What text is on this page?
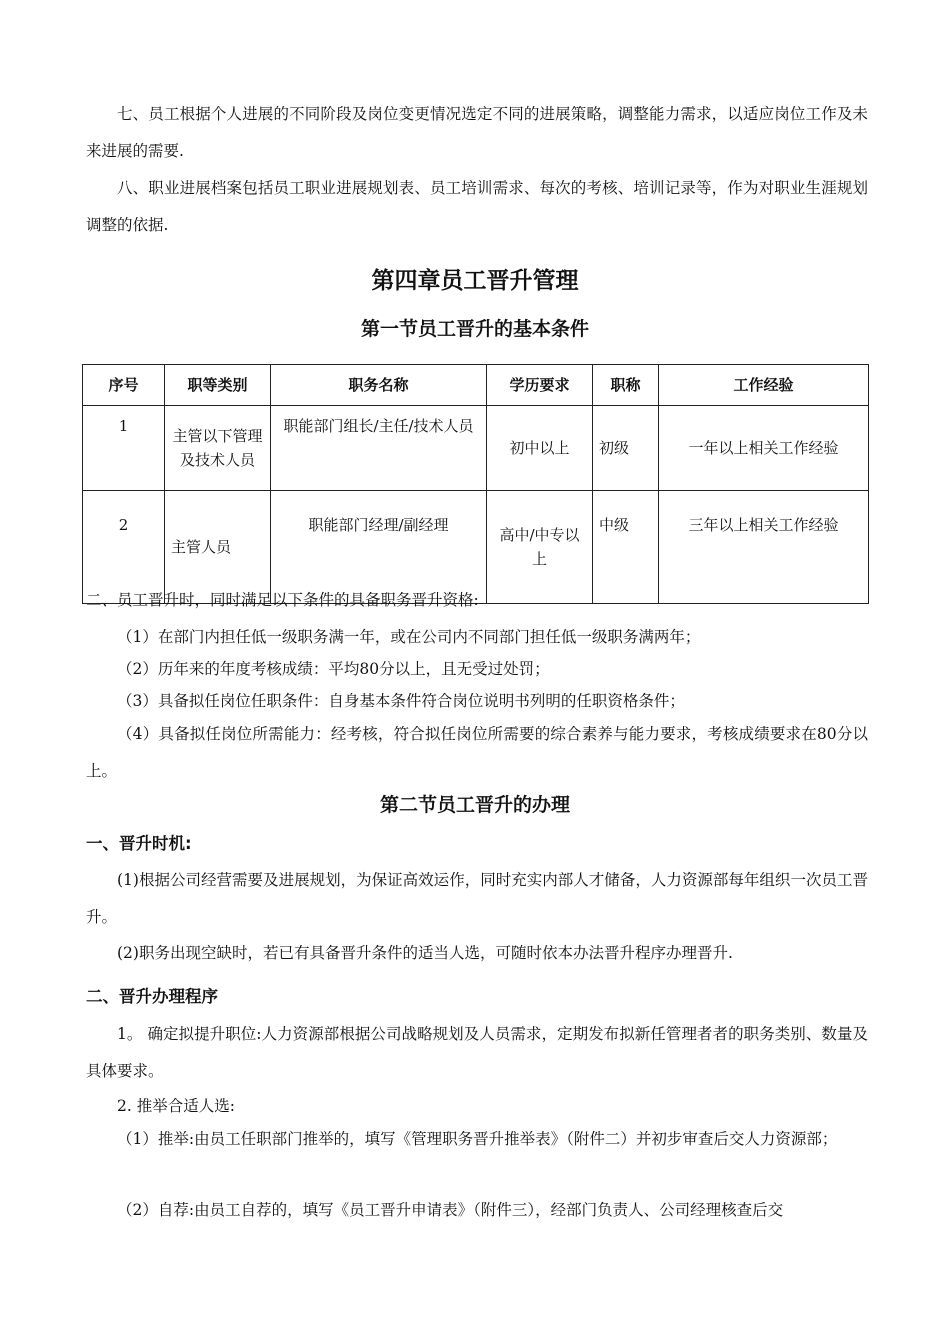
七、员工根据个人进展的不同阶段及岗位变更情况选定不同的进展策略，调整能力需求，以适应岗位工作及未来进展的需要.

八、职业进展档案包括员工职业进展规划表、员工培训需求、每次的考核、培训记录等，作为对职业生涯规划调整的依据.

第四章员工晋升管理
第一节员工晋升的基本条件
序号	职等类别	职务名称	学历要求	职称	工作经验
1	主管以下管理及技术人员	职能部门组长/主任/技术人员	初中以上	初级	一年以上相关工作经验
2	主管人员	职能部门经理/副经理	高中/中专以上	中级	三年以上相关工作经验

二、员工晋升时，同时满足以下条件的具备职务晋升资格:

（1）在部门内担任低一级职务满一年，或在公司内不同部门担任低一级职务满两年；

（2）历年来的年度考核成绩：平均80分以上，且无受过处罚；

（3）具备拟任岗位任职条件：自身基本条件符合岗位说明书列明的任职资格条件；

（4）具备拟任岗位所需能力：经考核，符合拟任岗位所需要的综合素养与能力要求，考核成绩要求在80分以上。

第二节员工晋升的办理
一、晋升时机:

(1)根据公司经营需要及进展规划，为保证高效运作，同时充实内部人才储备，人力资源部每年组织一次员工晋升。

(2)职务出现空缺时，若已有具备晋升条件的适当人选，可随时依本办法晋升程序办理晋升.

二、晋升办理程序

1。 确定拟提升职位:人力资源部根据公司战略规划及人员需求，定期发布拟新任管理者者的职务类别、数量及具体要求。

2. 推举合适人选:

（1）推举:由员工任职部门推举的，填写《管理职务晋升推举表》（附件二）并初步审查后交人力资源部；

（2）自荐:由员工自荐的，填写《员工晋升申请表》（附件三），经部门负责人、公司经理核查后交
